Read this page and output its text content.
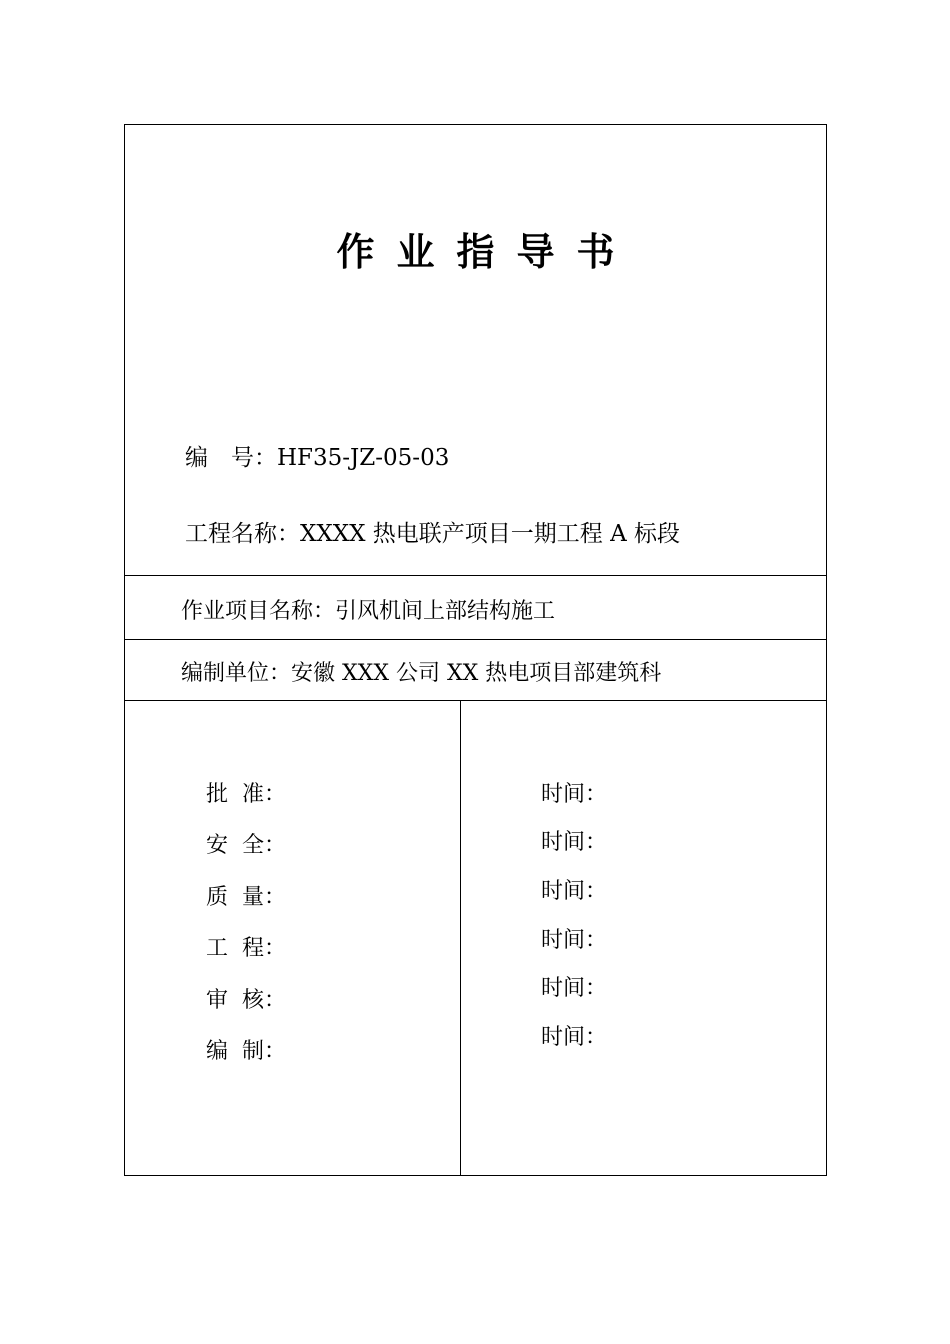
作业指导书
编　号：HF35-JZ-05-03
工程名称：XXXX 热电联产项目一期工程 A 标段
作业项目名称：引风机间上部结构施工
编制单位：安徽 XXX 公司 XX 热电项目部建筑科
批 准：
安 全：
质 量：
工 程：
审 核：
编 制：
时间：
时间：
时间：
时间：
时间：
时间：
